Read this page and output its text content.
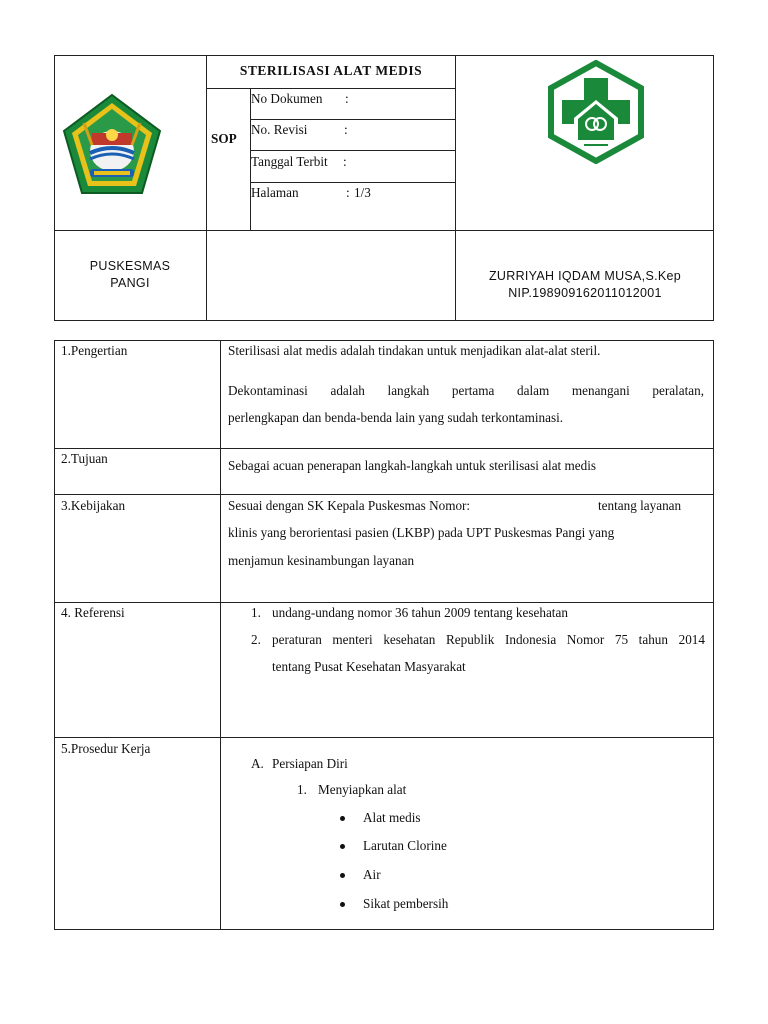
STERILISASI ALAT MEDIS
SOP
No Dokumen :
No. Revisi	:
Tanggal Terbit :
Halaman	: 1/3
PUSKESMAS
PANGI	ZURRIYAH IQDAM MUSA,S.Kep
NIP.198909162011012001
1.Pengertian	Sterilisasi alat medis adalah tindakan untuk menjadikan alat-alat steril.
Dekontaminasi adalah langkah pertama dalam menangani peralatan,
perlengkapan dan benda-benda lain yang sudah terkontaminasi.
2.Tujuan	Sebagai acuan penerapan langkah-langkah untuk sterilisasi alat medis
3.Kebijakan	Sesuai dengan SK Kepala Puskesmas Nomor:	tentang layanan
klinis yang berorientasi pasien (LKBP) pada UPT Puskesmas Pangi yang
menjamun kesinambungan layanan
4. Referensi	1. undang-undang nomor 36 tahun 2009 tentang kesehatan
2. peraturan menteri kesehatan Republik Indonesia Nomor 75 tahun 2014
tentang Pusat Kesehatan Masyarakat
5.Prosedur Kerja
A. Persiapan Diri
1. Menyiapkan alat
Alat medis
Larutan Clorine
Air
Sikat pembersih
